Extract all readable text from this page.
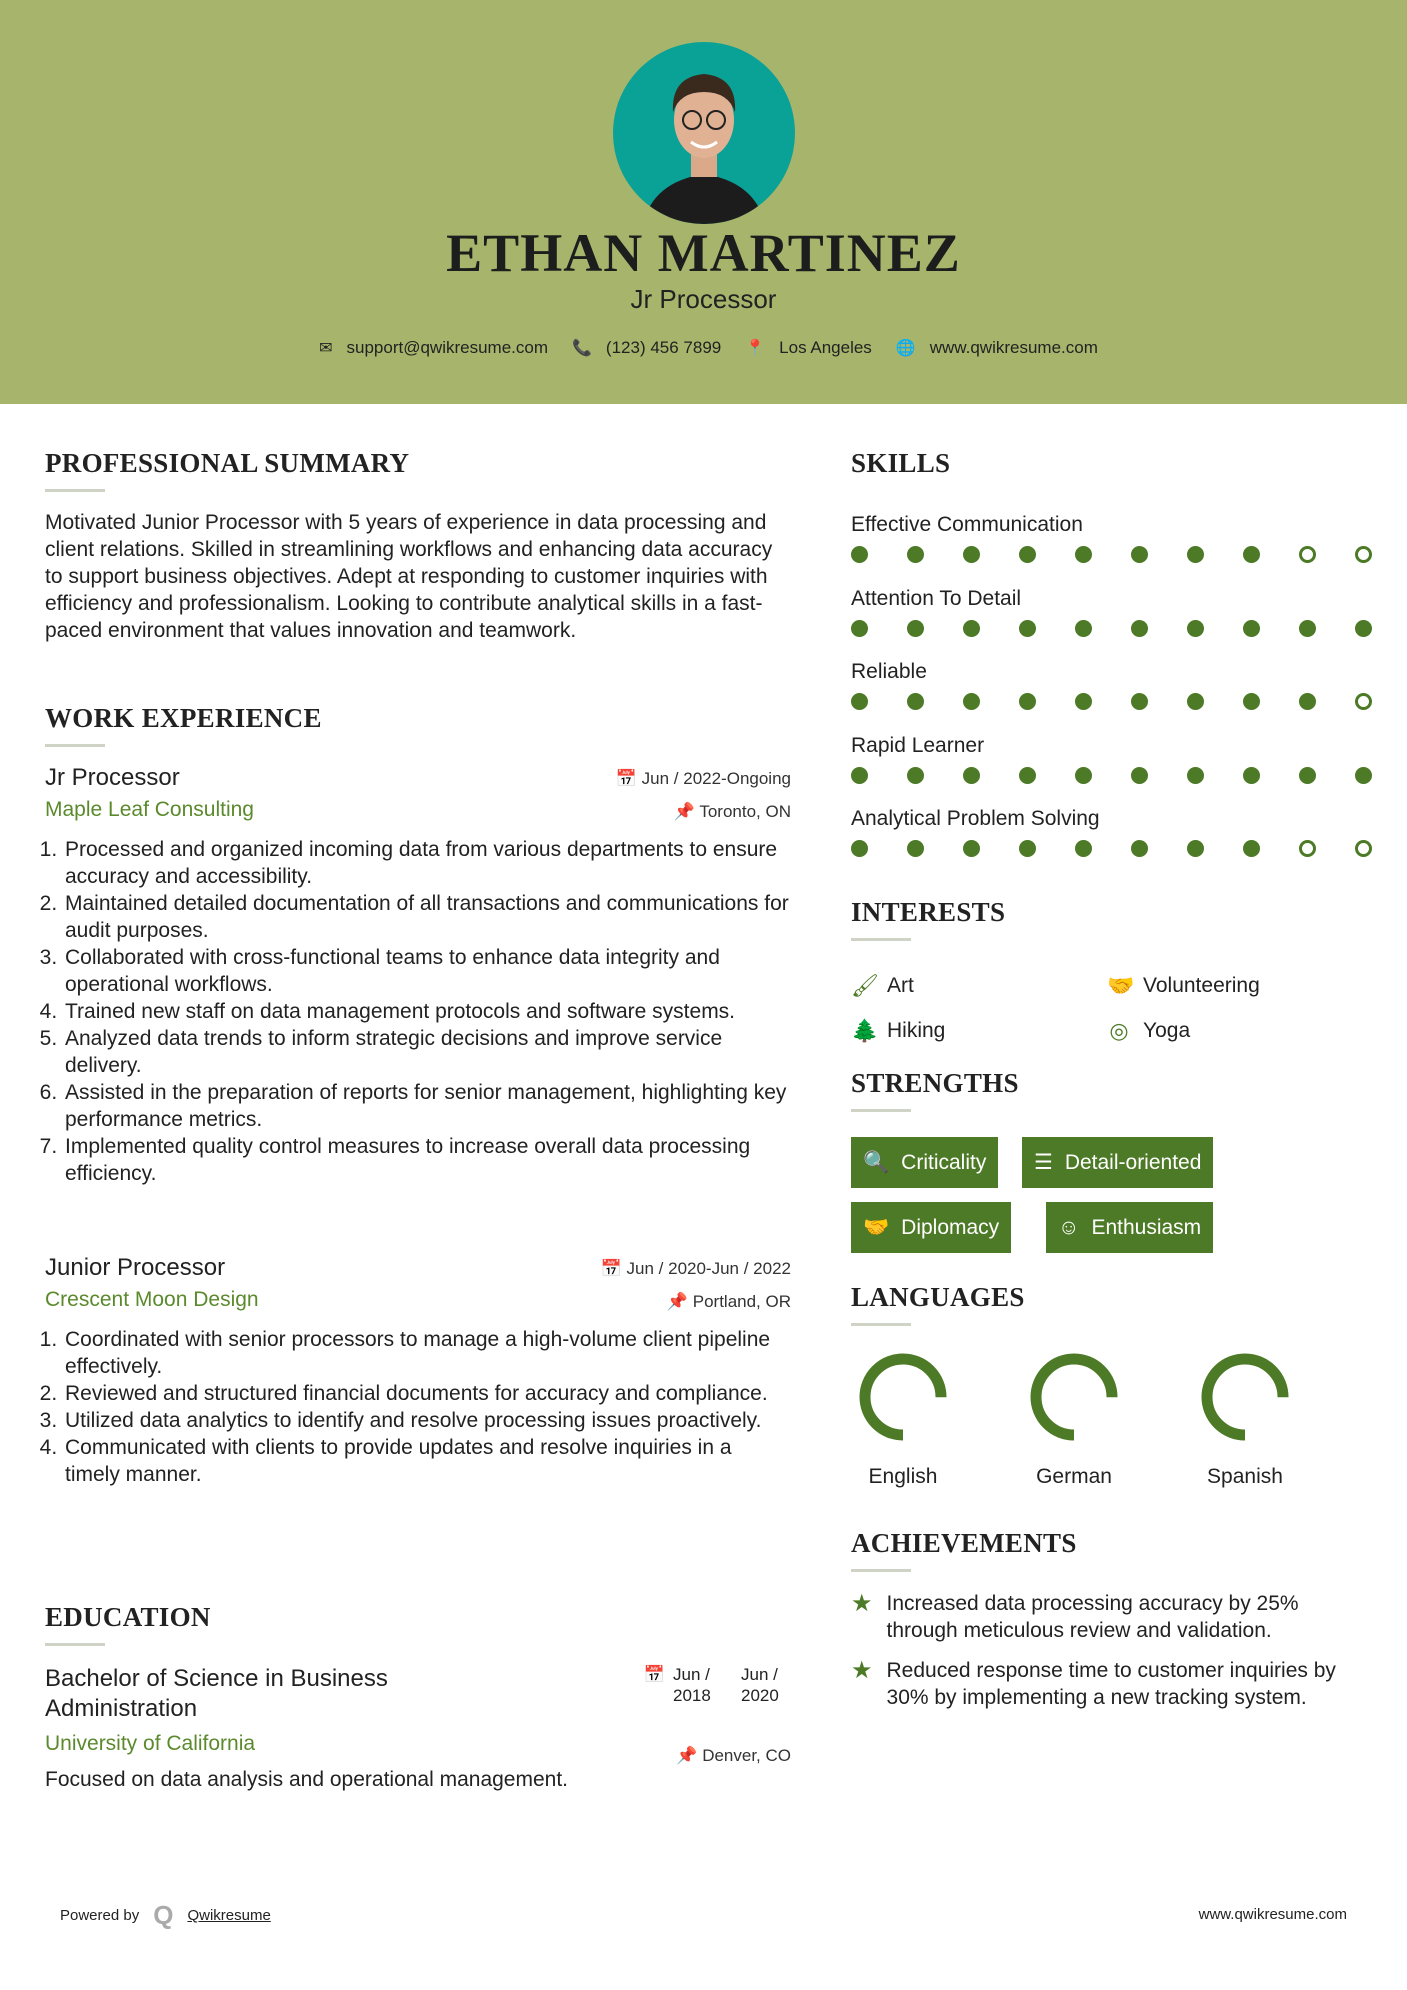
ETHAN MARTINEZ
Jr Processor
✉ support@qwikresume.com 📞 (123) 456 7899 📍 Los Angeles 🌐 www.qwikresume.com
PROFESSIONAL SUMMARY
Motivated Junior Processor with 5 years of experience in data processing and client relations. Skilled in streamlining workflows and enhancing data accuracy to support business objectives. Adept at responding to customer inquiries with efficiency and professionalism. Looking to contribute analytical skills in a fast-paced environment that values innovation and teamwork.
WORK EXPERIENCE
Jr Processor	📅 Jun / 2022-Ongoing
Maple Leaf Consulting	📌 Toronto, ON
1. Processed and organized incoming data from various departments to ensure accuracy and accessibility.
2. Maintained detailed documentation of all transactions and communications for audit purposes.
3. Collaborated with cross-functional teams to enhance data integrity and operational workflows.
4. Trained new staff on data management protocols and software systems.
5. Analyzed data trends to inform strategic decisions and improve service delivery.
6. Assisted in the preparation of reports for senior management, highlighting key performance metrics.
7. Implemented quality control measures to increase overall data processing efficiency.
Junior Processor	📅 Jun / 2020-Jun / 2022
Crescent Moon Design	📌 Portland, OR
1. Coordinated with senior processors to manage a high-volume client pipeline effectively.
2. Reviewed and structured financial documents for accuracy and compliance.
3. Utilized data analytics to identify and resolve processing issues proactively.
4. Communicated with clients to provide updates and resolve inquiries in a timely manner.
EDUCATION
Bachelor of Science in Business Administration
📅 Jun / 2018
Jun / 2020
University of California
📌 Denver, CO
Focused on data analysis and operational management.
SKILLS
Effective Communication
Attention To Detail
Reliable
Rapid Learner
Analytical Problem Solving
INTERESTS
🖌 Art	🤝 Volunteering
🌲 Hiking	◎ Yoga
STRENGTHS
🔍 Criticality ☰ Detail-oriented
🤝 Diplomacy	☺ Enthusiasm
LANGUAGES
English	German	Spanish
ACHIEVEMENTS
★ Increased data processing accuracy by 25% through meticulous review and validation.
★ Reduced response time to customer inquiries by 30% by implementing a new tracking system.
Powered by Q Qwikresume	www.qwikresume.com
